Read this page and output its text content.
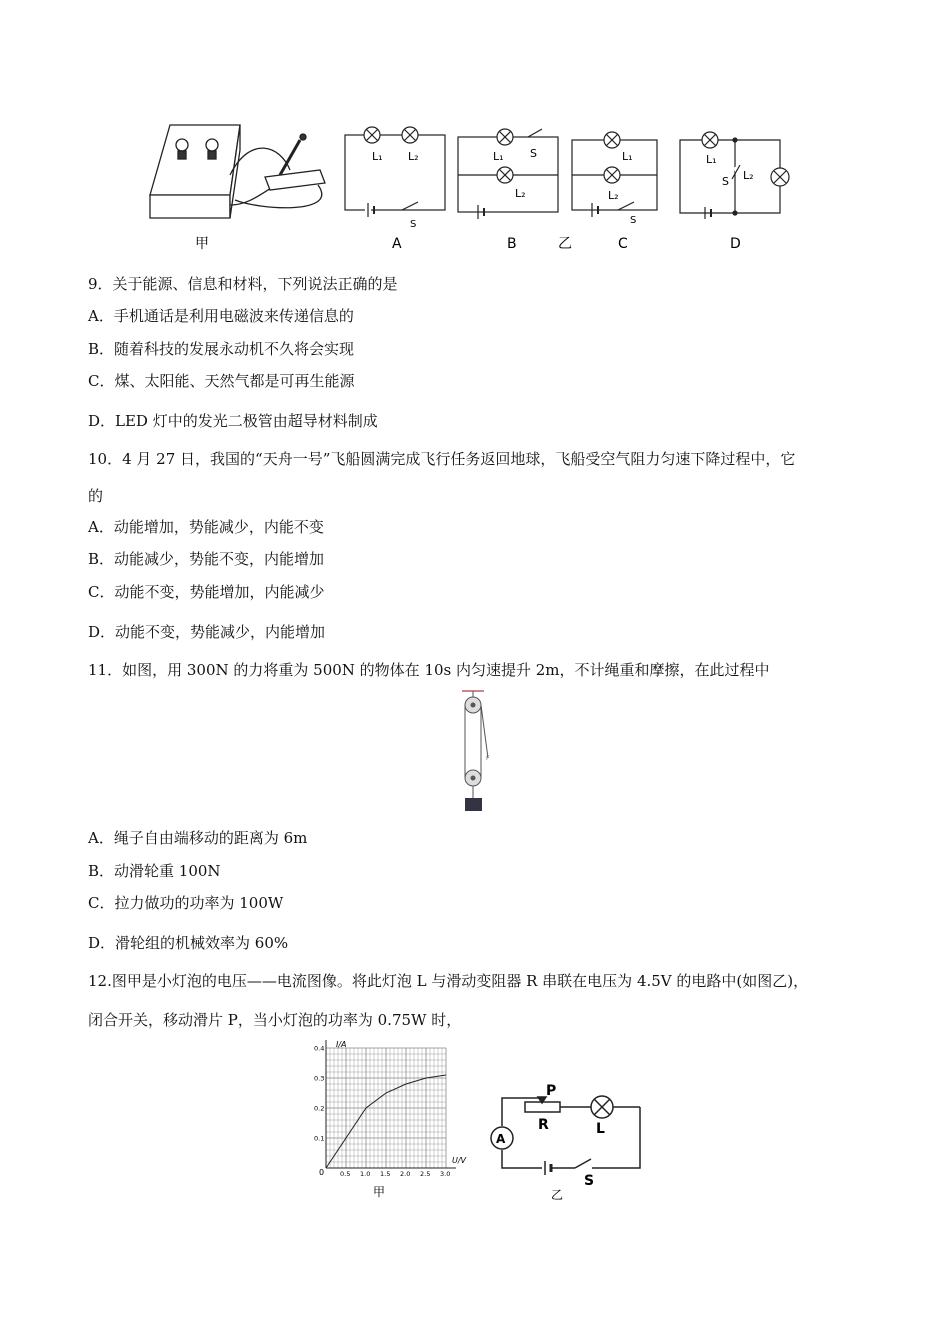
甲
L₁ L₂
S
A
L₁ S
L₂
B	乙
L₁
L₂
S
C
L₁
S L₂
D
9．关于能源、信息和材料，下列说法正确的是
A．手机通话是利用电磁波来传递信息的
B．随着科技的发展永动机不久将会实现
C．煤、太阳能、天然气都是可再生能源
D．LED 灯中的发光二极管由超导材料制成
10．4 月 27 日，我国的“天舟一号”飞船圆满完成飞行任务返回地球，飞船受空气阻力匀速下降过程中，它
的
A．动能增加，势能减少，内能不变
B．动能减少，势能不变，内能增加
C．动能不变，势能增加，内能减少
D．动能不变，势能减少，内能增加
11．如图，用 300N 的力将重为 500N 的物体在 10s 内匀速提升 2m，不计绳重和摩擦，在此过程中
F
A．绳子自由端移动的距离为 6m
B．动滑轮重 100N
C．拉力做功的功率为 100W
D．滑轮组的机械效率为 60%
12.图甲是小灯泡的电压——电流图像。将此灯泡 L 与滑动变阻器 R 串联在电压为 4.5V 的电路中(如图乙)，
闭合开关，移动滑片 P，当小灯泡的功率为 0.75W 时，
0.5 1.0 1.5 2.0 2.5 3.0
0.1
0.2
0.3
0.4
0
I/A
U/V
甲
P
R	L
A
S
乙
